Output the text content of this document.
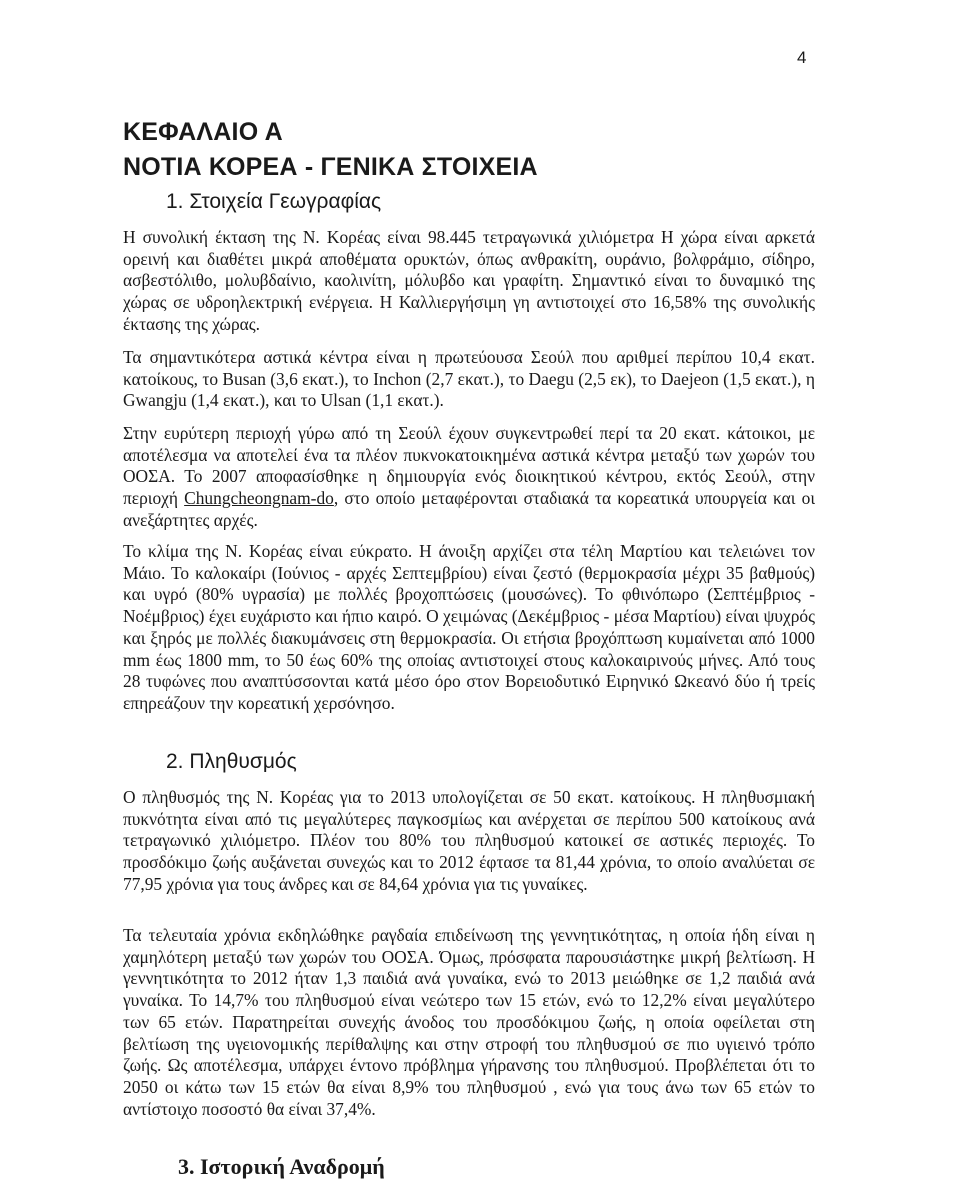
4
ΚΕΦΑΛΑΙΟ Α
ΝΟΤΙΑ ΚΟΡΕΑ - ΓΕΝΙΚΑ ΣΤΟΙΧΕΙΑ
1. Στοιχεία Γεωγραφίας

Η συνολική έκταση της Ν. Κορέας είναι 98.445 τετραγωνικά χιλιόμετρα Η χώρα είναι αρκετά ορεινή και διαθέτει μικρά αποθέματα ορυκτών, όπως ανθρακίτη, ουράνιο, βολφράμιο, σίδηρο, ασβεστόλιθο, μολυβδαίνιο, καολινίτη, μόλυβδο και γραφίτη. Σημαντικό είναι το δυναμικό της χώρας σε υδροηλεκτρική ενέργεια. Η Καλλιεργήσιμη γη αντιστοιχεί στο 16,58% της συνολικής έκτασης της χώρας.

Τα σημαντικότερα αστικά κέντρα είναι η πρωτεύουσα Σεούλ που αριθμεί περίπου 10,4 εκατ. κατοίκους, το Busan (3,6 εκατ.), το Inchon (2,7 εκατ.), το Daegu (2,5 εκ), το Daejeon (1,5 εκατ.), η Gwangju (1,4 εκατ.), και το Ulsan (1,1 εκατ.).

Στην ευρύτερη περιοχή γύρω από τη Σεούλ έχουν συγκεντρωθεί περί τα 20 εκατ. κάτοικοι, με αποτέλεσμα να αποτελεί ένα τα πλέον πυκνοκατοικημένα αστικά κέντρα μεταξύ των χωρών του ΟΟΣΑ. Το 2007 αποφασίσθηκε η δημιουργία ενός διοικητικού κέντρου, εκτός Σεούλ, στην περιοχή Chungcheongnam-do, στο οποίο μεταφέρονται σταδιακά τα κορεατικά υπουργεία και οι ανεξάρτητες αρχές.

Το κλίμα της Ν. Κορέας είναι εύκρατο. Η άνοιξη αρχίζει στα τέλη Μαρτίου και τελειώνει τον Μάιο. Το καλοκαίρι (Ιούνιος - αρχές Σεπτεμβρίου) είναι ζεστό (θερμοκρασία μέχρι 35 βαθμούς) και υγρό (80% υγρασία) με πολλές βροχοπτώσεις (μουσώνες). Το φθινόπωρο (Σεπτέμβριος - Νοέμβριος) έχει ευχάριστο και ήπιο καιρό. Ο χειμώνας (Δεκέμβριος - μέσα Μαρτίου) είναι ψυχρός και ξηρός με πολλές διακυμάνσεις στη θερμοκρασία. Οι ετήσια βροχόπτωση κυμαίνεται από 1000 mm έως 1800 mm, το 50 έως 60% της οποίας αντιστοιχεί στους καλοκαιρινούς μήνες. Από τους 28 τυφώνες που αναπτύσσονται κατά μέσο όρο στον Βορειοδυτικό Ειρηνικό Ωκεανό δύο ή τρείς επηρεάζουν την κορεατική χερσόνησο.

2. Πληθυσμός

Ο πληθυσμός της Ν. Κορέας για το 2013 υπολογίζεται σε 50 εκατ. κατοίκους. Η πληθυσμιακή πυκνότητα είναι από τις μεγαλύτερες παγκοσμίως και ανέρχεται σε περίπου 500 κατοίκους ανά τετραγωνικό χιλιόμετρο. Πλέον του 80% του πληθυσμού κατοικεί σε αστικές περιοχές. Το προσδόκιμο ζωής αυξάνεται συνεχώς και το 2012 έφτασε τα 81,44 χρόνια, το οποίο αναλύεται σε 77,95 χρόνια για τους άνδρες και σε 84,64 χρόνια για τις γυναίκες.

Τα τελευταία χρόνια εκδηλώθηκε ραγδαία επιδείνωση της γεννητικότητας, η οποία ήδη είναι η χαμηλότερη μεταξύ των χωρών του ΟΟΣΑ. Όμως, πρόσφατα παρουσιάστηκε μικρή βελτίωση. Η γεννητικότητα το 2012 ήταν 1,3 παιδιά ανά γυναίκα, ενώ το 2013 μειώθηκε σε 1,2 παιδιά ανά γυναίκα. Το 14,7% του πληθυσμού είναι νεώτερο των 15 ετών, ενώ το 12,2% είναι μεγαλύτερο των 65 ετών. Παρατηρείται συνεχής άνοδος του προσδόκιμου ζωής, η οποία οφείλεται στη βελτίωση της υγειονομικής περίθαλψης και στην στροφή του πληθυσμού σε πιο υγιεινό τρόπο ζωής. Ως αποτέλεσμα, υπάρχει έντονο πρόβλημα γήρανσης του πληθυσμού. Προβλέπεται ότι το 2050 οι κάτω των 15 ετών θα είναι 8,9% του πληθυσμού , ενώ για τους άνω των 65 ετών το αντίστοιχο ποσοστό θα είναι 37,4%.

3. Ιστορική Αναδρομή
